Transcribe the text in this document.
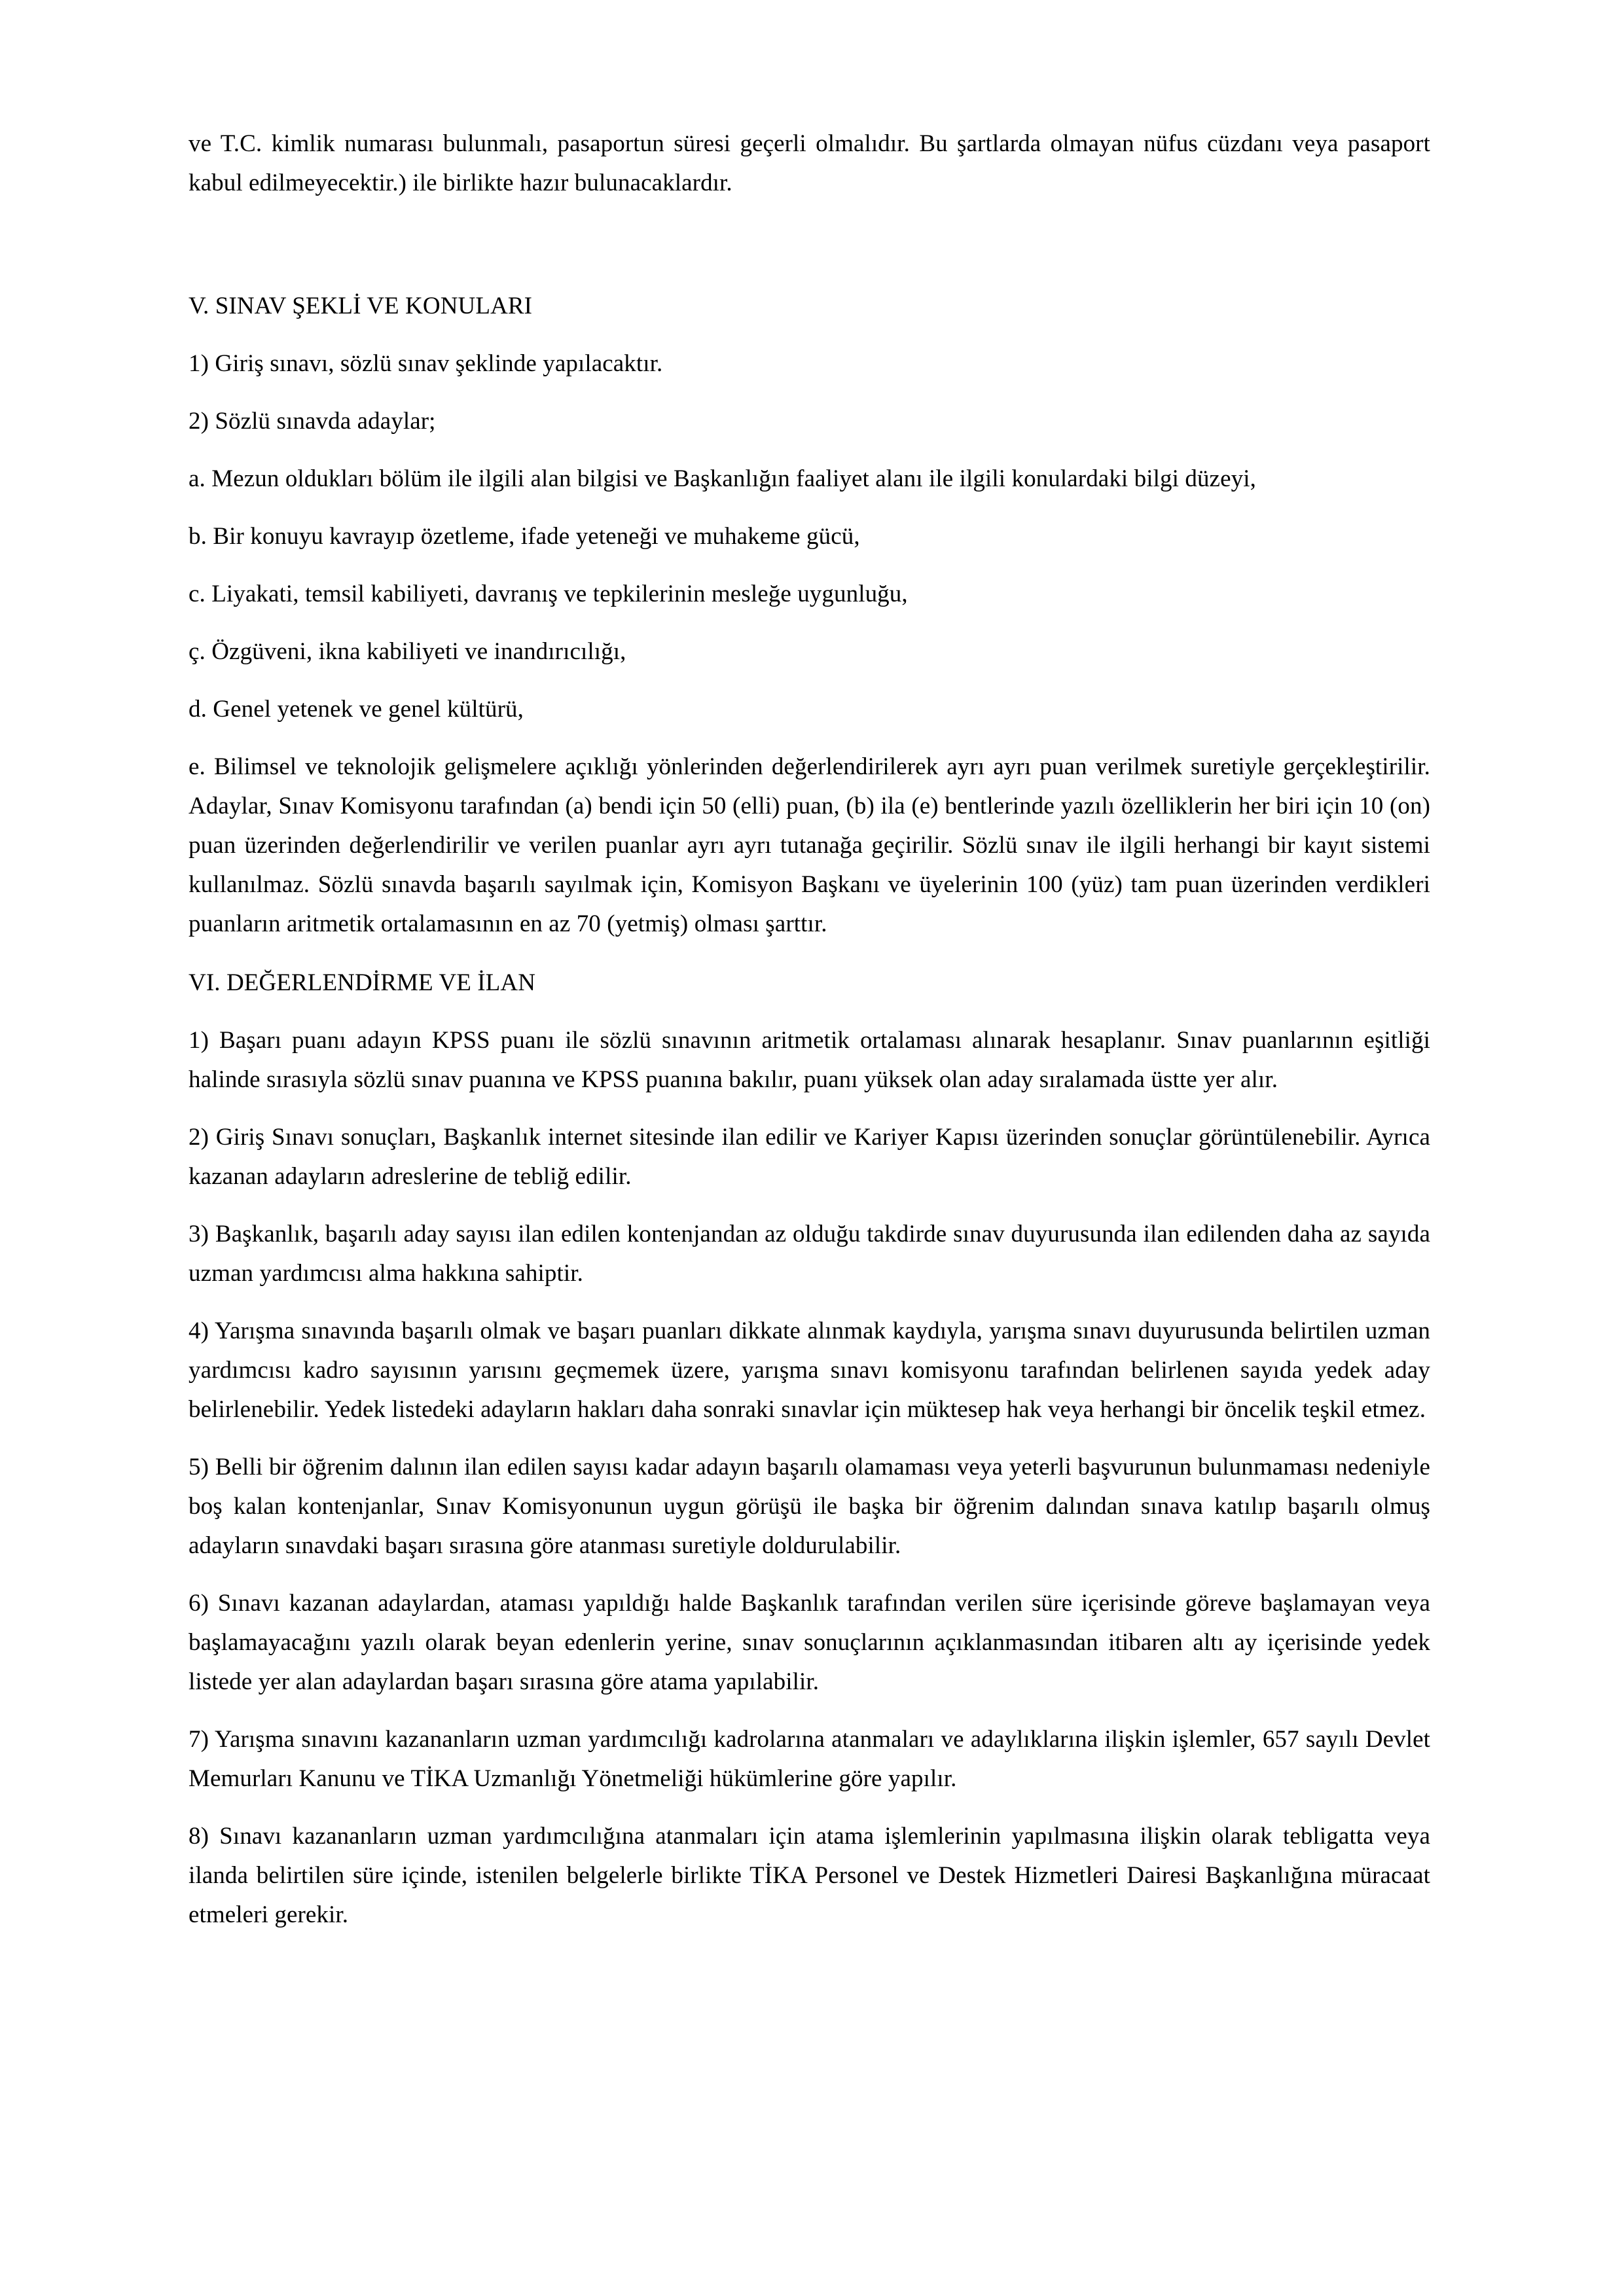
ve T.C. kimlik numarası bulunmalı, pasaportun süresi geçerli olmalıdır. Bu şartlarda olmayan nüfus cüzdanı veya pasaport kabul edilmeyecektir.) ile birlikte hazır bulunacaklardır.

V. SINAV ŞEKLİ VE KONULARI

1) Giriş sınavı, sözlü sınav şeklinde yapılacaktır.

2) Sözlü sınavda adaylar;

a. Mezun oldukları bölüm ile ilgili alan bilgisi ve Başkanlığın faaliyet alanı ile ilgili konulardaki bilgi düzeyi,

b. Bir konuyu kavrayıp özetleme, ifade yeteneği ve muhakeme gücü,

c. Liyakati, temsil kabiliyeti, davranış ve tepkilerinin mesleğe uygunluğu,

ç. Özgüveni, ikna kabiliyeti ve inandırıcılığı,

d. Genel yetenek ve genel kültürü,

e. Bilimsel ve teknolojik gelişmelere açıklığı yönlerinden değerlendirilerek ayrı ayrı puan verilmek suretiyle gerçekleştirilir. Adaylar, Sınav Komisyonu tarafından (a) bendi için 50 (elli) puan, (b) ila (e) bentlerinde yazılı özelliklerin her biri için 10 (on) puan üzerinden değerlendirilir ve verilen puanlar ayrı ayrı tutanağa geçirilir. Sözlü sınav ile ilgili herhangi bir kayıt sistemi kullanılmaz. Sözlü sınavda başarılı sayılmak için, Komisyon Başkanı ve üyelerinin 100 (yüz) tam puan üzerinden verdikleri puanların aritmetik ortalamasının en az 70 (yetmiş) olması şarttır.

VI. DEĞERLENDİRME VE İLAN

1) Başarı puanı adayın KPSS puanı ile sözlü sınavının aritmetik ortalaması alınarak hesaplanır. Sınav puanlarının eşitliği halinde sırasıyla sözlü sınav puanına ve KPSS puanına bakılır, puanı yüksek olan aday sıralamada üstte yer alır.

2) Giriş Sınavı sonuçları, Başkanlık internet sitesinde ilan edilir ve Kariyer Kapısı üzerinden sonuçlar görüntülenebilir. Ayrıca kazanan adayların adreslerine de tebliğ edilir.

3) Başkanlık, başarılı aday sayısı ilan edilen kontenjandan az olduğu takdirde sınav duyurusunda ilan edilenden daha az sayıda uzman yardımcısı alma hakkına sahiptir.

4) Yarışma sınavında başarılı olmak ve başarı puanları dikkate alınmak kaydıyla, yarışma sınavı duyurusunda belirtilen uzman yardımcısı kadro sayısının yarısını geçmemek üzere, yarışma sınavı komisyonu tarafından belirlenen sayıda yedek aday belirlenebilir. Yedek listedeki adayların hakları daha sonraki sınavlar için müktesep hak veya herhangi bir öncelik teşkil etmez.

5) Belli bir öğrenim dalının ilan edilen sayısı kadar adayın başarılı olamaması veya yeterli başvurunun bulunmaması nedeniyle boş kalan kontenjanlar, Sınav Komisyonunun uygun görüşü ile başka bir öğrenim dalından sınava katılıp başarılı olmuş adayların sınavdaki başarı sırasına göre atanması suretiyle doldurulabilir.

6) Sınavı kazanan adaylardan, ataması yapıldığı halde Başkanlık tarafından verilen süre içerisinde göreve başlamayan veya başlamayacağını yazılı olarak beyan edenlerin yerine, sınav sonuçlarının açıklanmasından itibaren altı ay içerisinde yedek listede yer alan adaylardan başarı sırasına göre atama yapılabilir.

7) Yarışma sınavını kazananların uzman yardımcılığı kadrolarına atanmaları ve adaylıklarına ilişkin işlemler, 657 sayılı Devlet Memurları Kanunu ve TİKA Uzmanlığı Yönetmeliği hükümlerine göre yapılır.

8) Sınavı kazananların uzman yardımcılığına atanmaları için atama işlemlerinin yapılmasına ilişkin olarak tebligatta veya ilanda belirtilen süre içinde, istenilen belgelerle birlikte TİKA Personel ve Destek Hizmetleri Dairesi Başkanlığına müracaat etmeleri gerekir.
